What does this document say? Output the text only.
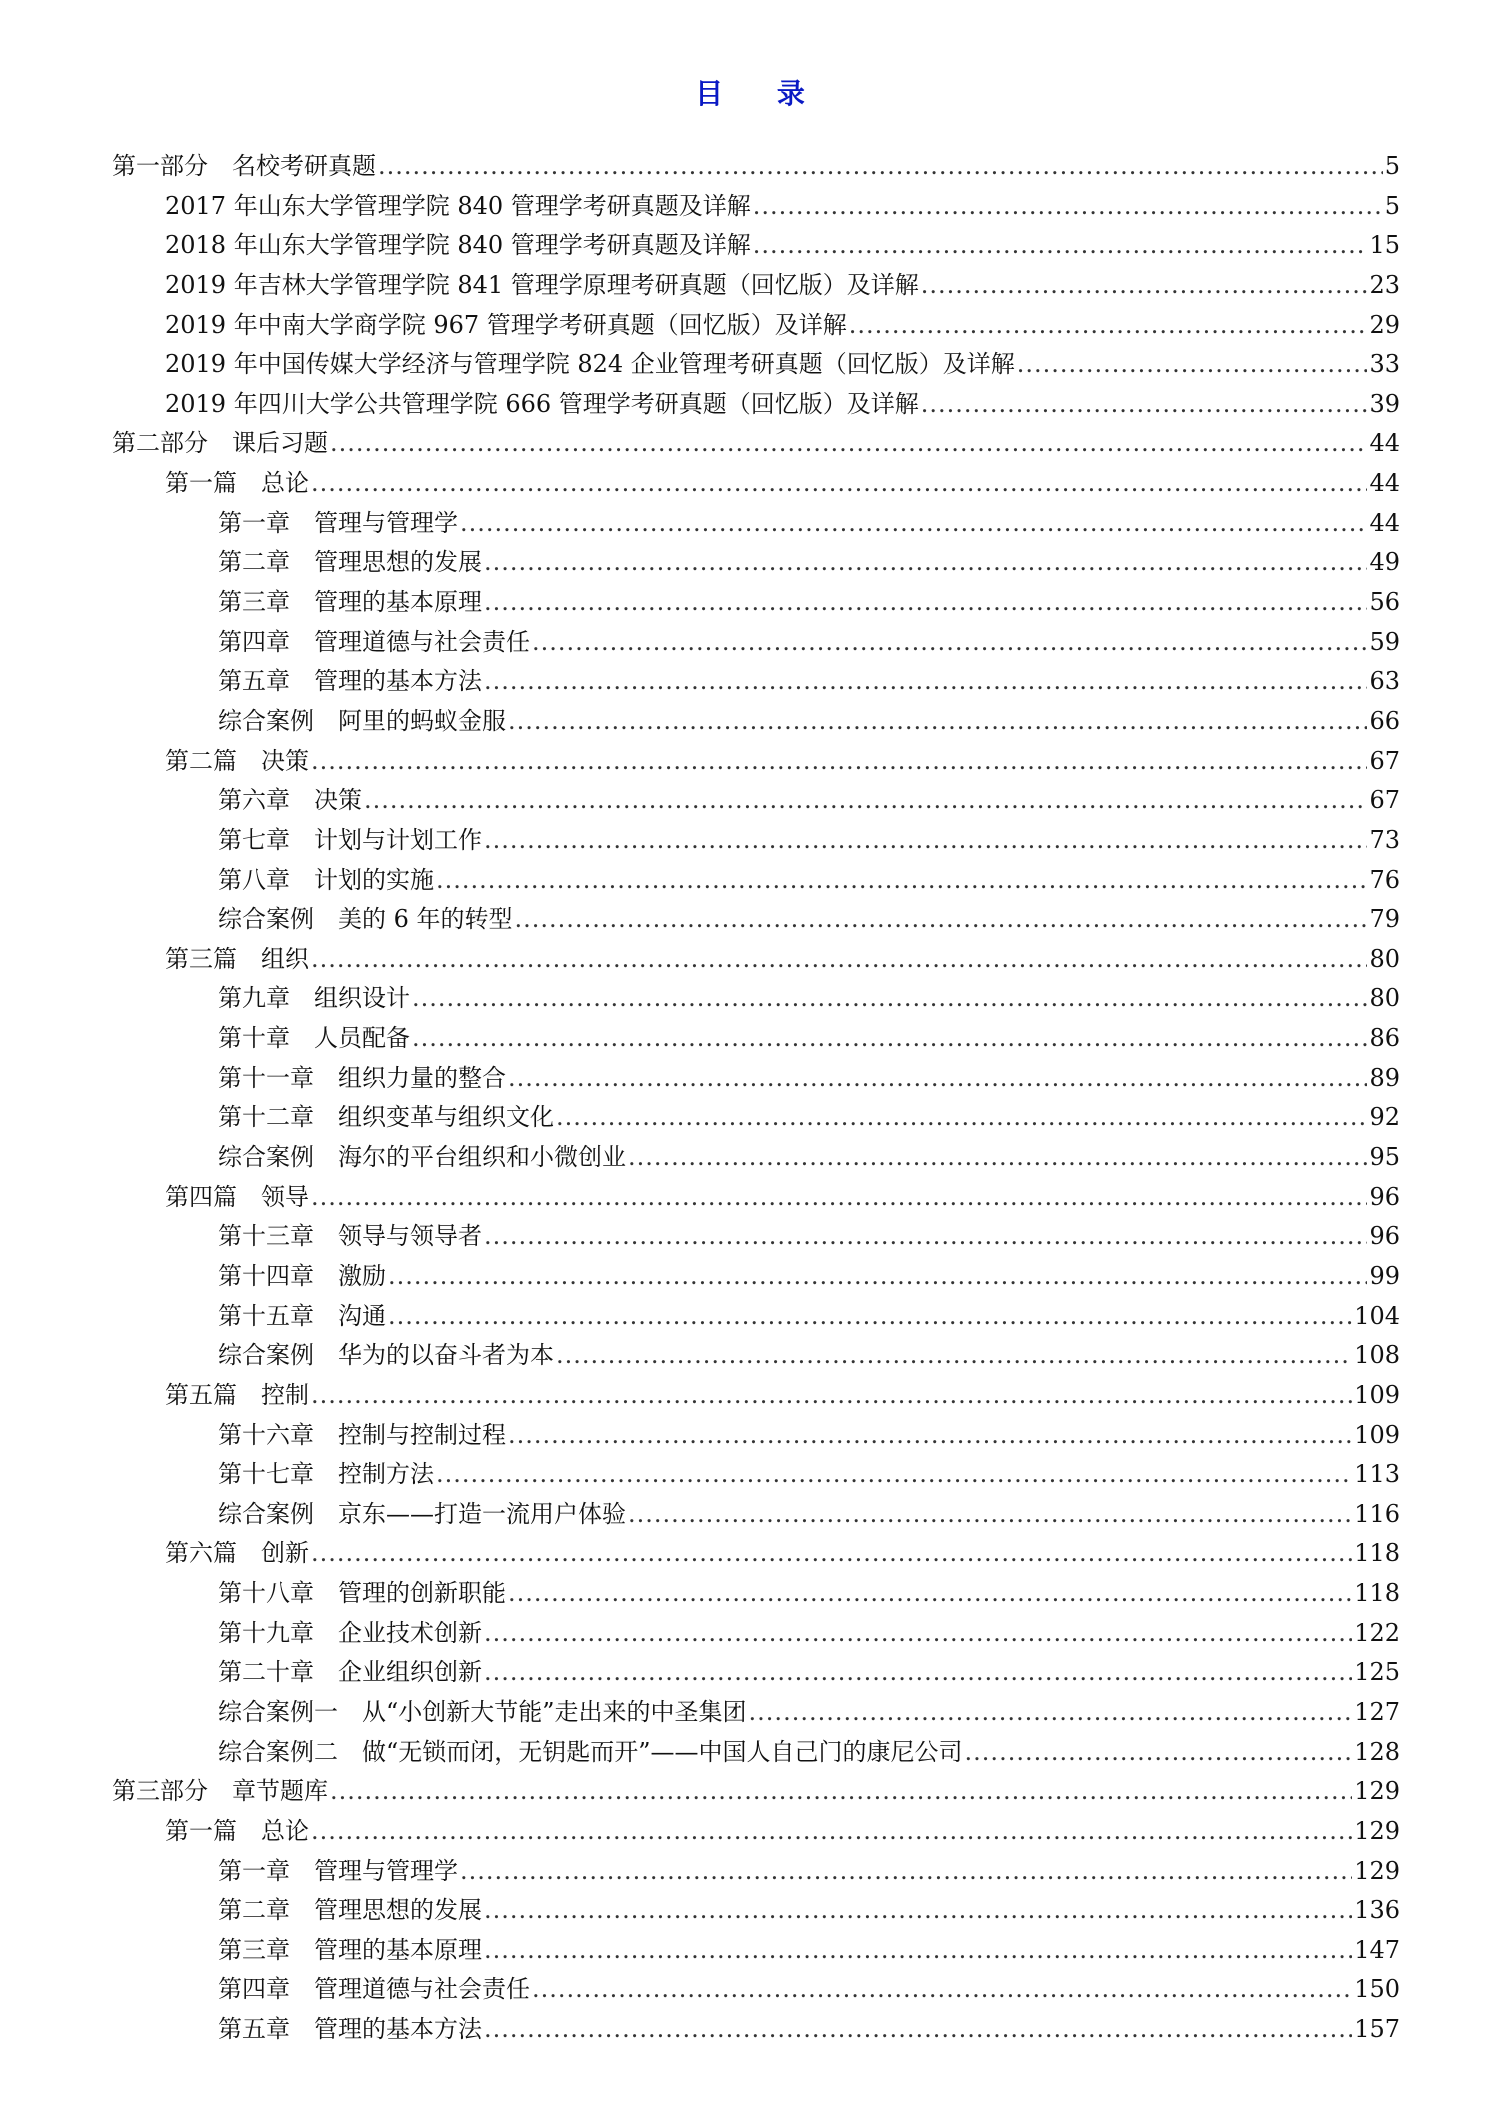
目 录
第一部分　名校考研真题 .....	5
2017 年山东大学管理学院 840 管理学考研真题及详解 .....	5
2018 年山东大学管理学院 840 管理学考研真题及详解 .....	15
2019 年吉林大学管理学院 841 管理学原理考研真题（回忆版）及详解 .....	23
2019 年中南大学商学院 967 管理学考研真题（回忆版）及详解 .....	29
2019 年中国传媒大学经济与管理学院 824 企业管理考研真题（回忆版）及详解 .....	33
2019 年四川大学公共管理学院 666 管理学考研真题（回忆版）及详解 .....	39
第二部分　课后习题 .....	44
第一篇　总论 .....	44
第一章　管理与管理学 .....	44
第二章　管理思想的发展 .....	49
第三章　管理的基本原理 .....	56
第四章　管理道德与社会责任 .....	59
第五章　管理的基本方法 .....	63
综合案例　阿里的蚂蚁金服 .....	66
第二篇　决策 .....	67
第六章　决策 .....	67
第七章　计划与计划工作 .....	73
第八章　计划的实施 .....	76
综合案例　美的 6 年的转型 .....	79
第三篇　组织 .....	80
第九章　组织设计 .....	80
第十章　人员配备 .....	86
第十一章　组织力量的整合 .....	89
第十二章　组织变革与组织文化 .....	92
综合案例　海尔的平台组织和小微创业 .....	95
第四篇　领导 .....	96
第十三章　领导与领导者 .....	96
第十四章　激励 .....	99
第十五章　沟通 .....	104
综合案例　华为的以奋斗者为本 .....	108
第五篇　控制 .....	109
第十六章　控制与控制过程 .....	109
第十七章　控制方法 .....	113
综合案例　京东——打造一流用户体验 .....	116
第六篇　创新 .....	118
第十八章　管理的创新职能 .....	118
第十九章　企业技术创新 .....	122
第二十章　企业组织创新 .....	125
综合案例一　从“小创新大节能”走出来的中圣集团 .....	127
综合案例二　做“无锁而闭，无钥匙而开”——中国人自己门的康尼公司 .....	128
第三部分　章节题库 .....	129
第一篇　总论 .....	129
第一章　管理与管理学 .....	129
第二章　管理思想的发展 .....	136
第三章　管理的基本原理 .....	147
第四章　管理道德与社会责任 .....	150
第五章　管理的基本方法 .....	157
